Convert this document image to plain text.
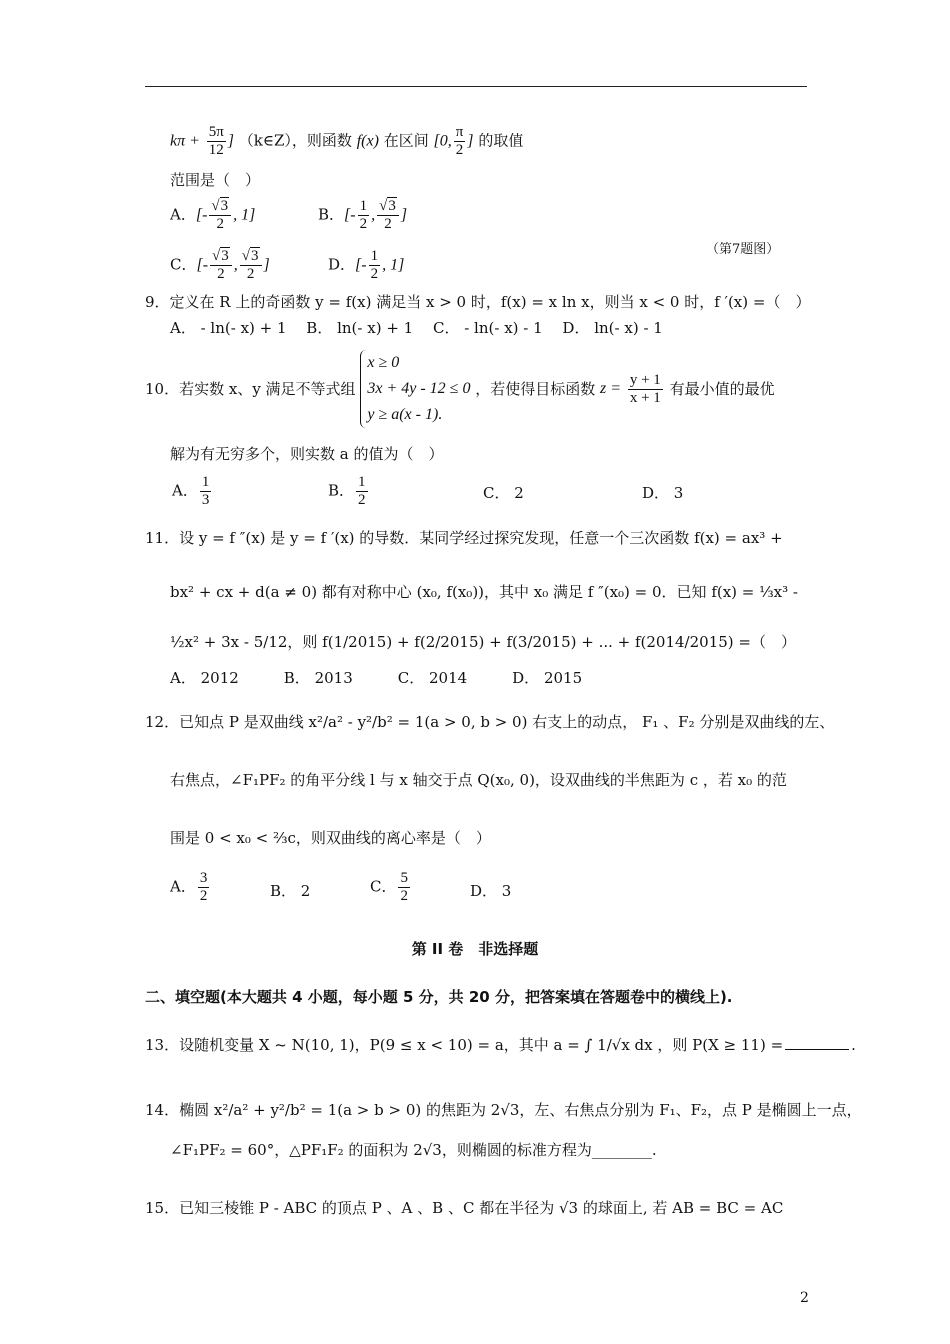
$k\pi + \frac{5\pi}{12}$ ] （k∈Z），则函数 f(x) 在区间 [0, $\frac{\pi}{2}$ ] 的取值
范围是（　）
A．[- $\frac{√3}{2}$ , 1]	B．[- $\frac{1}{2}$ , $\frac{√3}{2}$ ]
（第7题图）
C．[- $\frac{√3}{2}$ , $\frac{√3}{2}$ ]	D．[- $\frac{1}{2}$ , 1]
9．定义在 R 上的奇函数 y = f(x) 满足当 x > 0 时，f(x) = x ln x，则当 x < 0 时，f ′(x) =（　）
A． - ln(- x) + 1　 B． ln(- x) + 1　 C． - ln(- x) - 1　 D． ln(- x) - 1
10．若实数 x、y 满足不等式组
x ≥ 0
3x + 4y - 12 ≤ 0
y ≥ a(x - 1).
，若使得目标函数 $z = \frac{y + 1}{x + 1}$ 有最小值的最优
解为有无穷多个，则实数 a 的值为（　）
A． $\frac{1}{3}$	B． $\frac{1}{2}$	C． 2	D． 3
11．设 y = f ″(x) 是 y = f ′(x) 的导数．某同学经过探究发现，任意一个三次函数 f(x) = ax³ +
bx² + cx + d(a ≠ 0) 都有对称中心 (x₀, f(x₀))，其中 x₀ 满足 f ″(x₀) = 0．已知 f(x) = ⅓x³ -
½x² + 3x - 5/12，则 f(1/2015) + f(2/2015) + f(3/2015) + ... + f(2014/2015) =（　）
A． 2012　　　B． 2013　　　C． 2014　　　D． 2015
12．已知点 P 是双曲线 x²/a² - y²/b² = 1(a > 0, b > 0) 右支上的动点， F₁ 、F₂ 分别是双曲线的左、
右焦点，∠F₁PF₂ 的角平分线 l 与 x 轴交于点 Q(x₀, 0)，设双曲线的半焦距为 c ，若 x₀ 的范
围是 0 < x₀ < ⅔c，则双曲线的离心率是（　）
A． $\frac{3}{2}$	B． 2	C． $\frac{5}{2}$	D． 3
第 II 卷　非选择题
二、填空题(本大题共 4 小题，每小题 5 分，共 20 分，把答案填在答题卷中的横线上).
13．设随机变量 X ~ N(10, 1)，P(9 ≤ x < 10) = a，其中 a = ∫ 1/√x dx ，则 P(X ≥ 11) =	.
14．椭圆 x²/a² + y²/b² = 1(a > b > 0) 的焦距为 2√3，左、右焦点分别为 F₁、F₂，点 P 是椭圆上一点，
∠F₁PF₂ = 60°，△PF₁F₂ 的面积为 2√3，则椭圆的标准方程为________.
15．已知三棱锥 P - ABC 的顶点 P 、A 、B 、C 都在半径为 √3 的球面上, 若 AB = BC = AC
2
